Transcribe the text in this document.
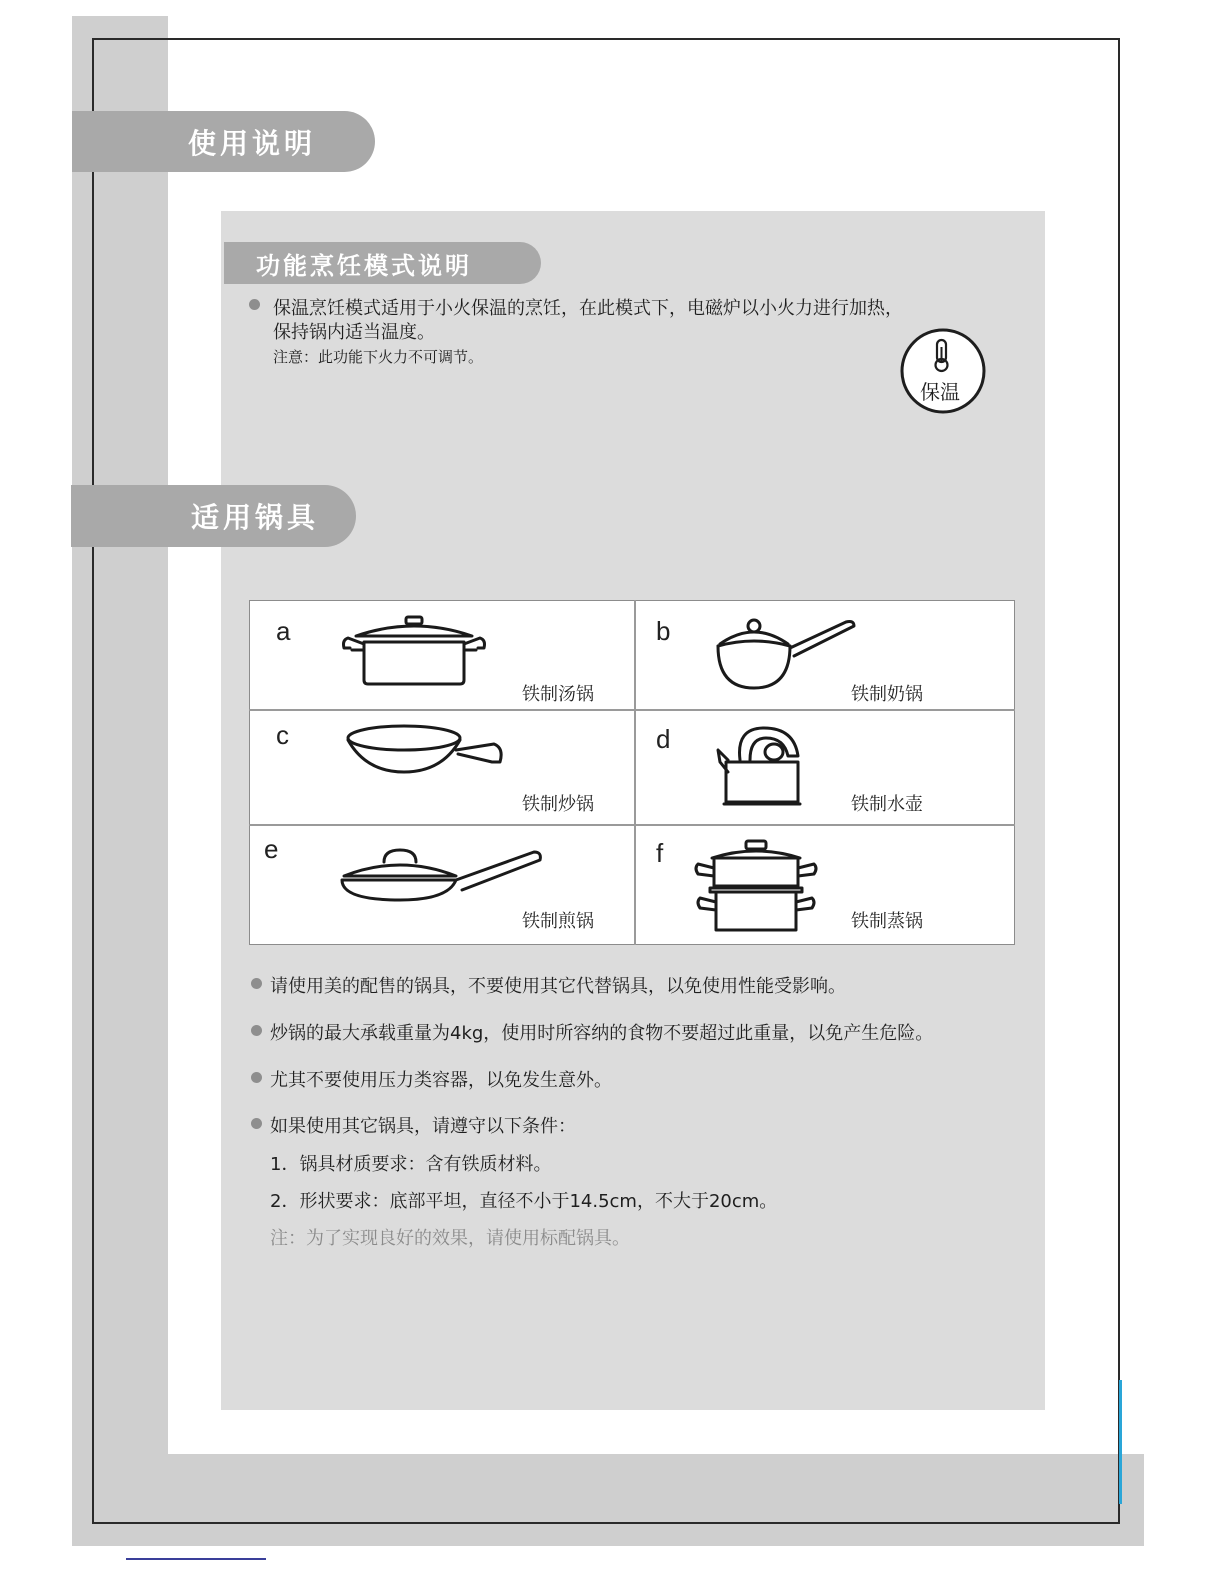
使用说明
功能烹饪模式说明
保温烹饪模式适用于小火保温的烹饪，在此模式下，电磁炉以小火力进行加热，
保持锅内适当温度。
注意：此功能下火力不可调节。
保温
适用锅具
a
铁制汤锅
b
铁制奶锅
c
铁制炒锅
d
铁制水壶
e
铁制煎锅
f
铁制蒸锅
请使用美的配售的锅具，不要使用其它代替锅具，以免使用性能受影响。
炒锅的最大承载重量为4kg，使用时所容纳的食物不要超过此重量，以免产生危险。
尤其不要使用压力类容器，以免发生意外。
如果使用其它锅具，请遵守以下条件：
1．锅具材质要求：含有铁质材料。
2．形状要求：底部平坦，直径不小于14.5cm，不大于20cm。
注：为了实现良好的效果，请使用标配锅具。
